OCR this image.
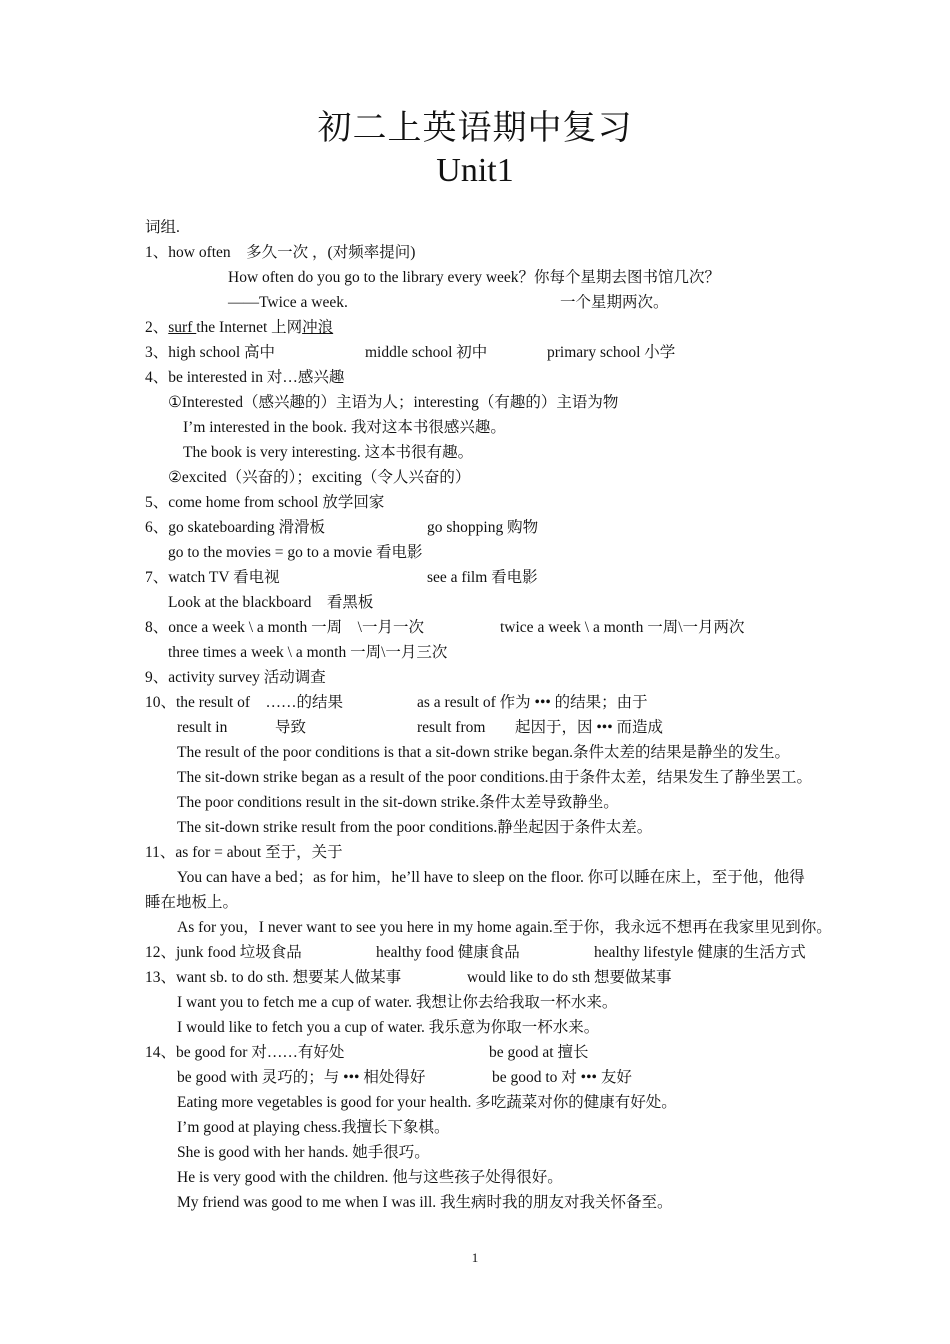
初二上英语期中复习
Unit1
词组.
1、how often　多久一次 ，(对频率提问)
How often do you go to the library every week？你每个星期去图书馆几次？
——Twice a week.	一个星期两次。
2、surf the Internet 上网冲浪
3、high school 高中	middle school 初中	primary school 小学
4、be interested in 对…感兴趣
①Interested（感兴趣的）主语为人；interesting（有趣的）主语为物
I’m interested in the book. 我对这本书很感兴趣。
The book is very interesting. 这本书很有趣。
②excited（兴奋的）；exciting（令人兴奋的）
5、come home from school 放学回家
6、go skateboarding 滑滑板	go shopping 购物
go to the movies = go to a movie 看电影
7、watch TV 看电视	see a film 看电影
Look at the blackboard　看黑板
8、once a week \ a month 一周　\一月一次	twice a week \ a month 一周\一月两次
three times a week \ a month 一周\一月三次
9、activity survey 活动调查
10、the result of　……的结果	as a result of 作为 ••• 的结果；由于
result in	导致	result from 起因于，因 ••• 而造成
The result of the poor conditions is that a sit-down strike began.条件太差的结果是静坐的发生。
The sit-down strike began as a result of the poor conditions.由于条件太差，结果发生了静坐罢工。
The poor conditions result in the sit-down strike.条件太差导致静坐。
The sit-down strike result from the poor conditions.静坐起因于条件太差。
11、as for = about 至于，关于
You can have a bed；as for him，he’ll have to sleep on the floor. 你可以睡在床上，至于他，他得
睡在地板上。
As for you，I never want to see you here in my home again.至于你，我永远不想再在我家里见到你。
12、junk food 垃圾食品	healthy food 健康食品	healthy lifestyle 健康的生活方式
13、want sb. to do sth. 想要某人做某事	would like to do sth 想要做某事
I want you to fetch me a cup of water. 我想让你去给我取一杯水来。
I would like to fetch you a cup of water. 我乐意为你取一杯水来。
14、be good for 对……有好处	be good at 擅长
be good with 灵巧的；与 ••• 相处得好	be good to 对 ••• 友好
Eating more vegetables is good for your health. 多吃蔬菜对你的健康有好处。
I’m good at playing chess.我擅长下象棋。
She is good with her hands. 她手很巧。
He is very good with the children. 他与这些孩子处得很好。
My friend was good to me when I was ill. 我生病时我的朋友对我关怀备至。
1
